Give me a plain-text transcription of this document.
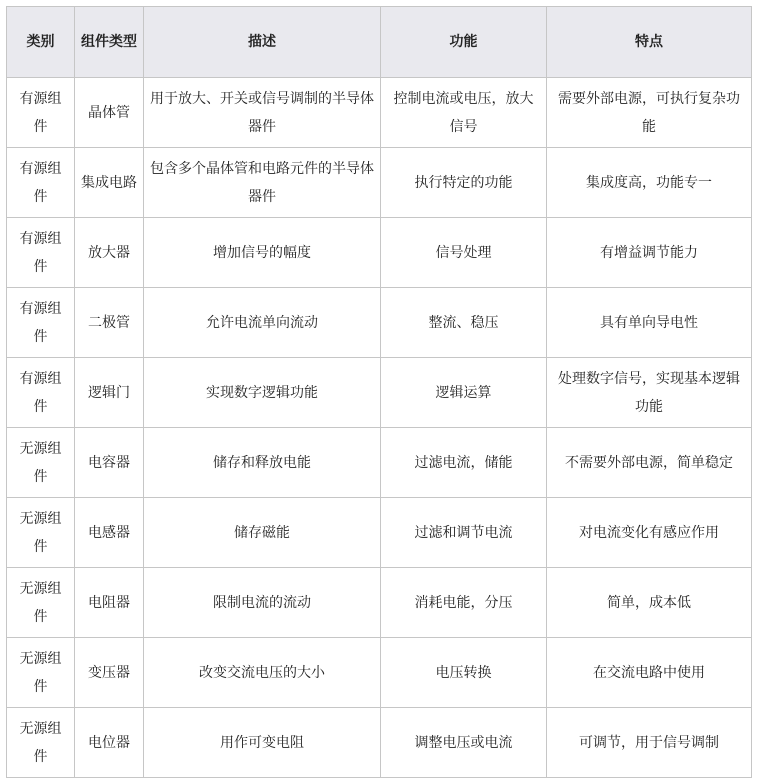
类别	组件类型	描述	功能	特点
有源组件	晶体管	用于放大、开关或信号调制的半导体器件	控制电流或电压，放大信号	需要外部电源，可执行复杂功能
有源组件	集成电路	包含多个晶体管和电路元件的半导体器件	执行特定的功能	集成度高，功能专一
有源组件	放大器	增加信号的幅度	信号处理	有增益调节能力
有源组件	二极管	允许电流单向流动	整流、稳压	具有单向导电性
有源组件	逻辑门	实现数字逻辑功能	逻辑运算	处理数字信号，实现基本逻辑功能
无源组件	电容器	储存和释放电能	过滤电流，储能	不需要外部电源，简单稳定
无源组件	电感器	储存磁能	过滤和调节电流	对电流变化有感应作用
无源组件	电阻器	限制电流的流动	消耗电能，分压	简单，成本低
无源组件	变压器	改变交流电压的大小	电压转换	在交流电路中使用
无源组件	电位器	用作可变电阻	调整电压或电流	可调节，用于信号调制
